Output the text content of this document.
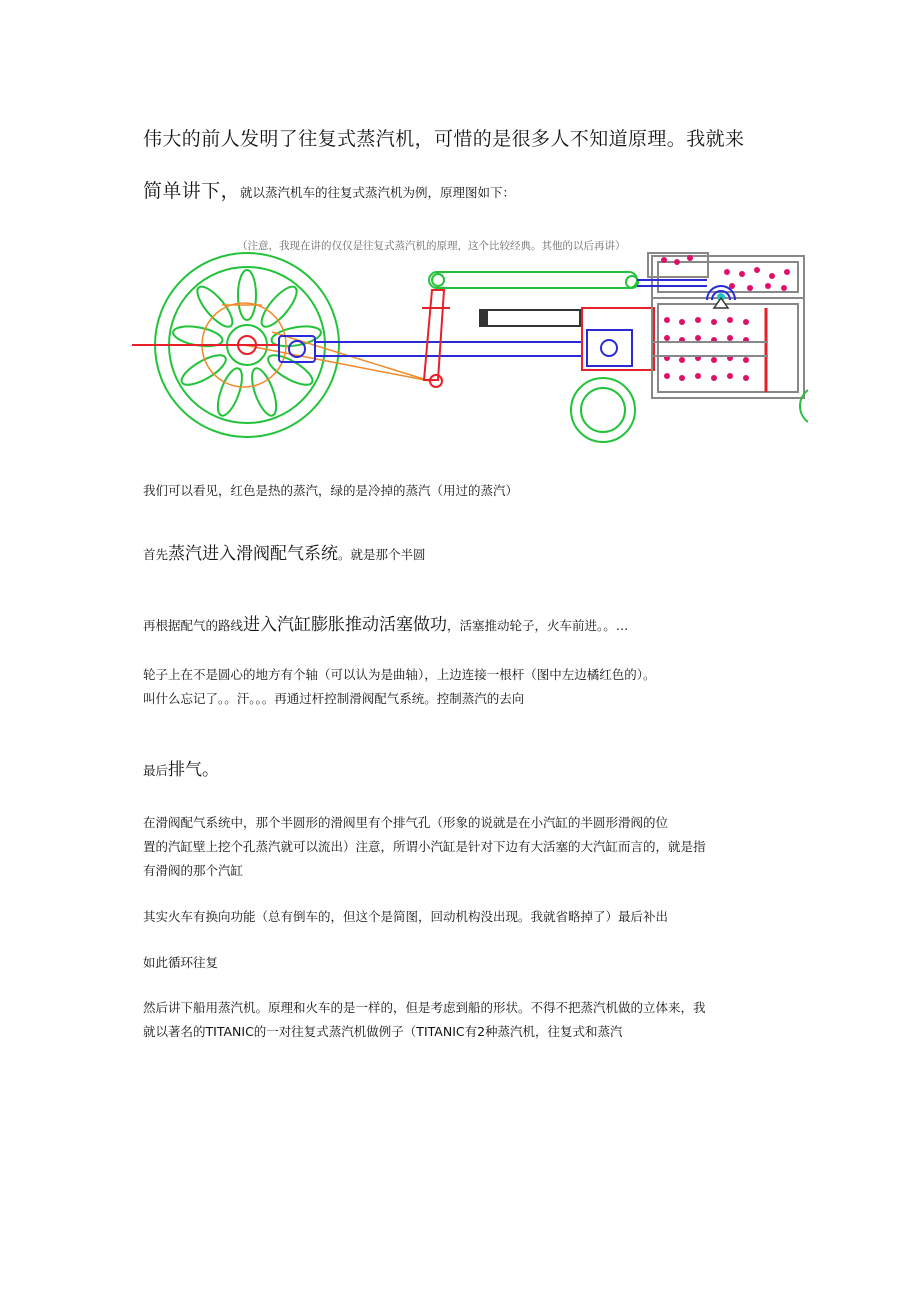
伟大的前人发明了往复式蒸汽机，可惜的是很多人不知道原理。我就来
简单讲下，就以蒸汽机车的往复式蒸汽机为例，原理图如下：
（注意，我现在讲的仅仅是往复式蒸汽机的原理，这个比较经典。其他的以后再讲）
我们可以看见，红色是热的蒸汽，绿的是冷掉的蒸汽（用过的蒸汽）
首先蒸汽进入滑阀配气系统。就是那个半圆
再根据配气的路线进入汽缸膨胀推动活塞做功，活塞推动轮子，火车前进。。…
轮子上在不是圆心的地方有个轴（可以认为是曲轴），上边连接一根杆（图中左边橘红色的）。
叫什么忘记了。。汗。。。再通过杆控制滑阀配气系统。控制蒸汽的去向
最后排气。
在滑阀配气系统中，那个半圆形的滑阀里有个排气孔（形象的说就是在小汽缸的半圆形滑阀的位
置的汽缸壁上挖个孔蒸汽就可以流出）注意，所谓小汽缸是针对下边有大活塞的大汽缸而言的，就是指
有滑阀的那个汽缸
其实火车有换向功能（总有倒车的，但这个是简图，回动机构没出现。我就省略掉了）最后补出
如此循环往复
然后讲下船用蒸汽机。原理和火车的是一样的，但是考虑到船的形状。不得不把蒸汽机做的立体来，我
就以著名的TITANIC的一对往复式蒸汽机做例子（TITANIC有2种蒸汽机，往复式和蒸汽
